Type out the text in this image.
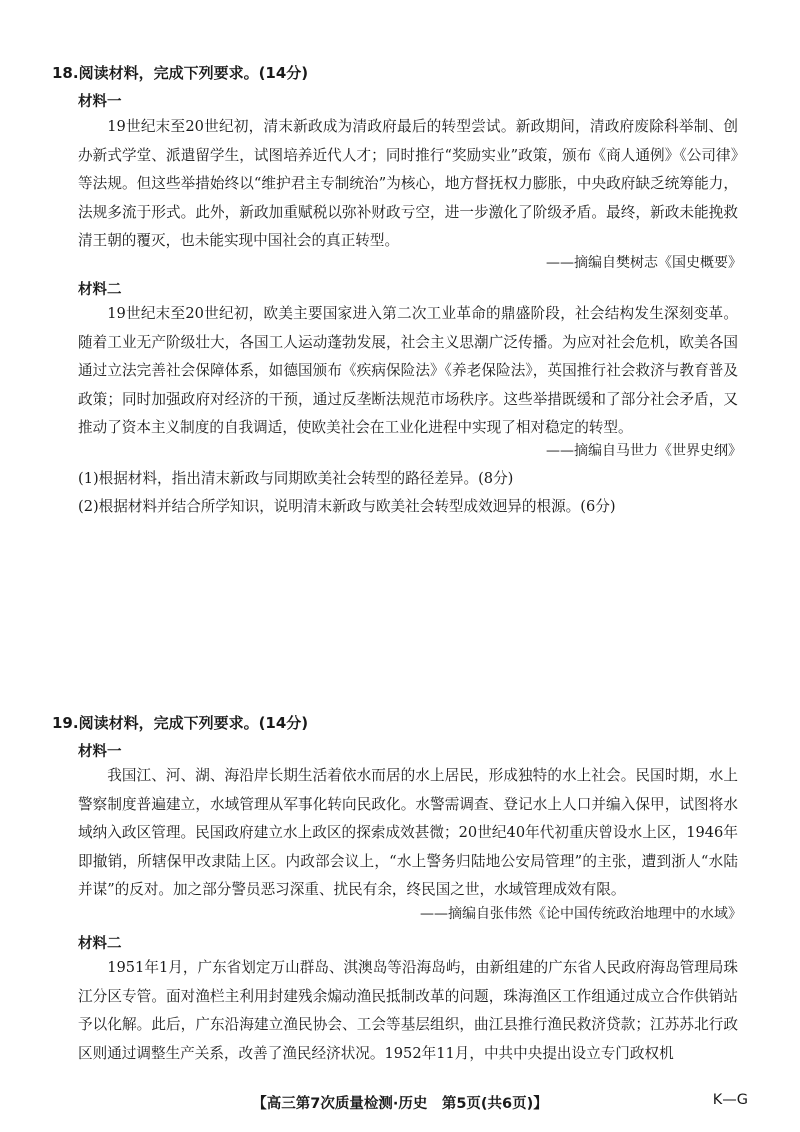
18.阅读材料，完成下列要求。(14分)
材料一

19世纪末至20世纪初，清末新政成为清政府最后的转型尝试。新政期间，清政府废除科举制、创办新式学堂、派遣留学生，试图培养近代人才；同时推行“奖励实业”政策，颁布《商人通例》《公司律》等法规。但这些举措始终以“维护君主专制统治”为核心，地方督抚权力膨胀，中央政府缺乏统筹能力，法规多流于形式。此外，新政加重赋税以弥补财政亏空，进一步激化了阶级矛盾。最终，新政未能挽救清王朝的覆灭，也未能实现中国社会的真正转型。

——摘编自樊树志《国史概要》
材料二

19世纪末至20世纪初，欧美主要国家进入第二次工业革命的鼎盛阶段，社会结构发生深刻变革。随着工业无产阶级壮大，各国工人运动蓬勃发展，社会主义思潮广泛传播。为应对社会危机，欧美各国通过立法完善社会保障体系，如德国颁布《疾病保险法》《养老保险法》，英国推行社会救济与教育普及政策；同时加强政府对经济的干预，通过反垄断法规范市场秩序。这些举措既缓和了部分社会矛盾，又推动了资本主义制度的自我调适，使欧美社会在工业化进程中实现了相对稳定的转型。

——摘编自马世力《世界史纲》
(1)根据材料，指出清末新政与同期欧美社会转型的路径差异。(8分)
(2)根据材料并结合所学知识，说明清末新政与欧美社会转型成效迥异的根源。(6分)
19.阅读材料，完成下列要求。(14分)
材料一

我国江、河、湖、海沿岸长期生活着依水而居的水上居民，形成独特的水上社会。民国时期，水上警察制度普遍建立，水域管理从军事化转向民政化。水警需调查、登记水上人口并编入保甲，试图将水域纳入政区管理。民国政府建立水上政区的探索成效甚微；20世纪40年代初重庆曾设水上区，1946年即撤销，所辖保甲改隶陆上区。内政部会议上，“水上警务归陆地公安局管理”的主张，遭到浙人“水陆并谋”的反对。加之部分警员恶习深重、扰民有余，终民国之世，水域管理成效有限。

——摘编自张伟然《论中国传统政治地理中的水域》
材料二

1951年1月，广东省划定万山群岛、淇澳岛等沿海岛屿，由新组建的广东省人民政府海岛管理局珠江分区专管。面对渔栏主利用封建残余煽动渔民抵制改革的问题，珠海渔区工作组通过成立合作供销站予以化解。此后，广东沿海建立渔民协会、工会等基层组织，曲江县推行渔民救济贷款；江苏苏北行政区则通过调整生产关系，改善了渔民经济状况。1952年11月，中共中央提出设立专门政权机

【高三第7次质量检测·历史　第5页(共6页)】	K—G
